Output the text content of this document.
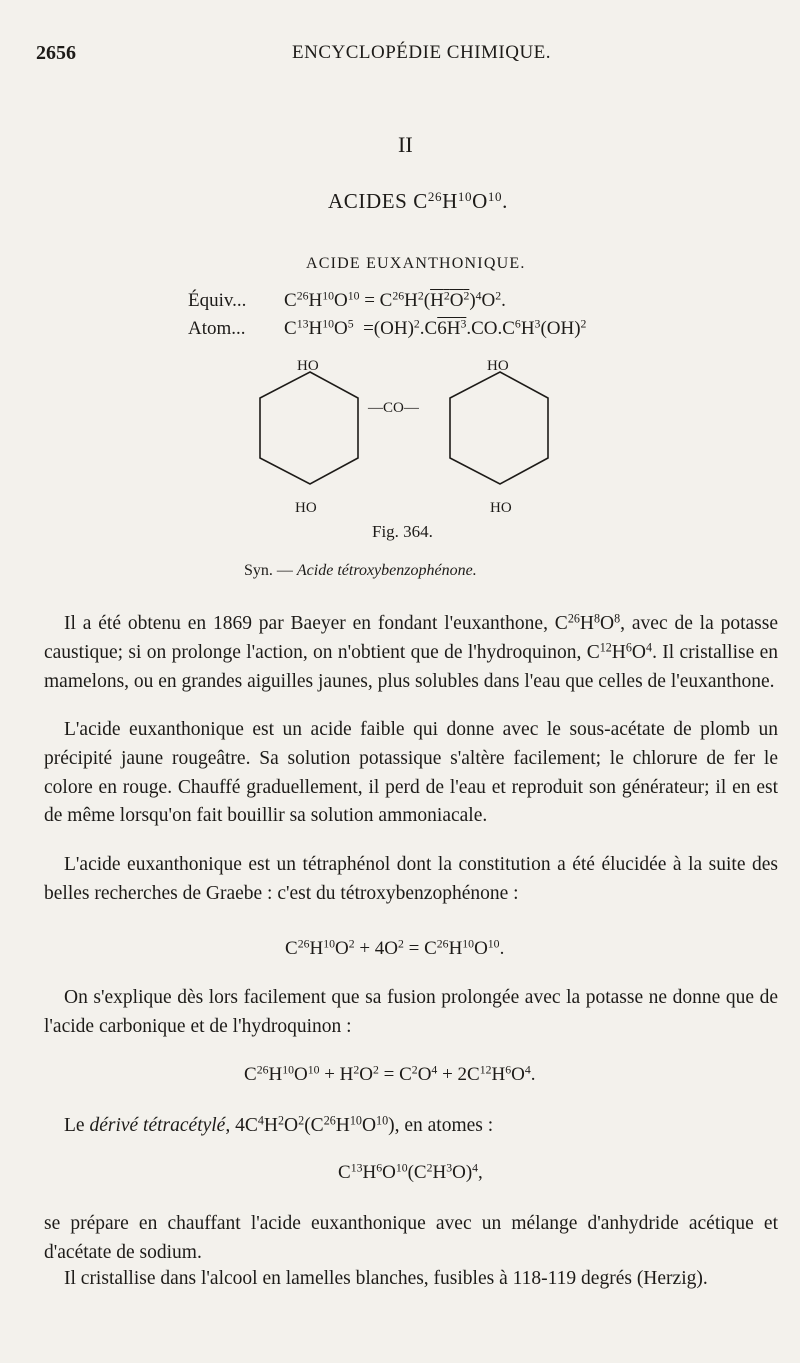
2656	ENCYCLOPÉDIE CHIMIQUE.
II
ACIDES $C^{26}H^{10}O^{10}$.
ACIDE EUXANTHONIQUE.
Équiv... $C^{26}H^{10}O^{10} = C^{26}H^2(H^2O^2)^4O^2$.
Atom... $C^{13}H^{10}O^5 =(OH)^2.C6H^3.CO.C^6H^3(OH)^2$
HO	HO
—CO—
HO	HO
Fig. 364.
Syn. — Acide tétroxybenzophénone.
Il a été obtenu en 1869 par Baeyer en fondant l'euxanthone, $C^{26}H^8O^8$, avec de la potasse caustique; si on prolonge l'action, on n'obtient que de l'hydroquinon, $C^{12}H^6O^4$. Il cristallise en mamelons, ou en grandes aiguilles jaunes, plus solubles dans l'eau que celles de l'euxanthone.
L'acide euxanthonique est un acide faible qui donne avec le sous-acétate de plomb un précipité jaune rougeâtre. Sa solution potassique s'altère facilement; le chlorure de fer le colore en rouge. Chauffé graduellement, il perd de l'eau et reproduit son générateur; il en est de même lorsqu'on fait bouillir sa solution ammoniacale.
L'acide euxanthonique est un tétraphénol dont la constitution a été élucidée à la suite des belles recherches de Graebe : c'est du tétroxybenzophénone :
$C^{26}H^{10}O^2 + 4O^2 = C^{26}H^{10}O^{10}$.
On s'explique dès lors facilement que sa fusion prolongée avec la potasse ne donne que de l'acide carbonique et de l'hydroquinon :
$C^{26}H^{10}O^{10} + H^2O^2 = C^2O^4 + 2C^{12}H^6O^4$.
Le dérivé tétracétylé, $4C^4H^2O^2(C^{26}H^{10}O^{10})$, en atomes :
$C^{13}H^6O^{10}(C^2H^3O)^4$,
se prépare en chauffant l'acide euxanthonique avec un mélange d'anhydride acétique et d'acétate de sodium.
Il cristallise dans l'alcool en lamelles blanches, fusibles à 118-119 degrés (Herzig).
